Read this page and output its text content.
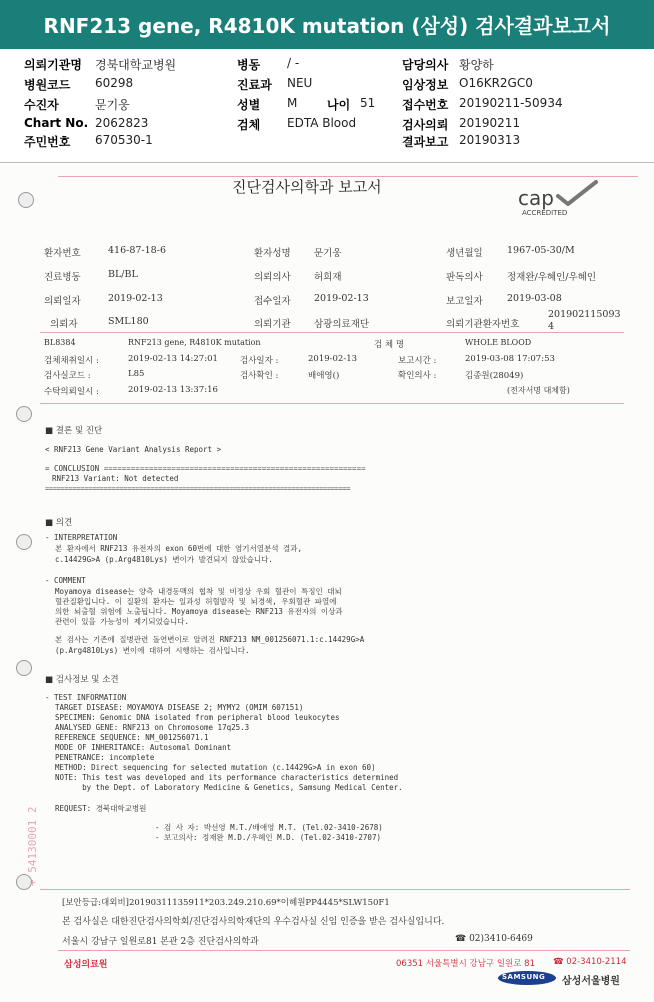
RNF213 gene, R4810K mutation (삼성) 검사결과보고서
의뢰기관명 경북대학교병원
병원코드 60298
수진자	문기웅
Chart No. 2062823
주민번호 670530-1
병동 / -
진료과 NEU
성별 M 나이 51
검체 EDTA Blood
담당의사 황양하
임상정보 O16KR2GC0
접수번호 20190211-50934
검사의뢰 20190211
결과보고 20190313
진단검사의학과 보고서	cap
ACCREDITED
환자번호	416-87-18-6	환자성명 문기웅	생년월일	1967-05-30/M
진료병동	BL/BL	의뢰의사 허희재	판독의사	정재완/우혜인/우혜인
의뢰일자	2019-02-13	접수일자 2019-02-13	보고일자	2019-03-08
의뢰자	SML180	의뢰기관 삼광의료재단	의뢰기관환자번호
201902115093
4
BL8384	RNF213 gene, R4810K mutation	검 체 명	WHOLE BLOOD
검체채취일시 :	2019-02-13 14:27:01	검사일자 :	2019-02-13	보고시간 :	2019-03-08 17:07:53
검사실코드 :	L85	검사확인 :	배애영()	확인의사 :	김종원(28049)
수탁의뢰일시 :	2019-02-13 13:37:16	(전자서명 대체함)
■ 결론 및 진단
< RNF213 Gene Variant Analysis Report >
= CONCLUSION ==========================================================
RNF213 Variant: Not detected
==============================================================================
■ 의견
- INTERPRETATION
본 환자에서 RNF213 유전자의 exon 60번에 대한 염기서열분석 결과,
c.14429G>A (p.Arg4810Lys) 변이가 발견되지 않았습니다.
- COMMENT
Moyamoya disease는 양측 내경동맥의 협착 및 비정상 우회 혈관이 특징인 대뇌
혈관질환입니다. 이 질환의 환자는 일과성 허혈발작 및 뇌경색, 우회혈관 파열에
의한 뇌출혈 위험에 노출됩니다. Moyamoya disease는 RNF213 유전자의 이상과
관련이 있을 가능성이 제기되었습니다.
본 검사는 기존에 질병관련 돌연변이로 알려진 RNF213 NM_001256071.1:c.14429G>A
(p.Arg4810Lys) 변이에 대하여 시행하는 검사입니다.
■ 검사정보 및 소견
- TEST INFORMATION
TARGET DISEASE: MOYAMOYA DISEASE 2; MYMY2 (OMIM 607151)
SPECIMEN: Genomic DNA isolated from peripheral blood leukocytes
ANALYSED GENE: RNF213 on Chromosome 17q25.3
REFERENCE SEQUENCE: NM_001256071.1
MODE OF INHERITANCE: Autosomal Dominant
PENETRANCE: incomplete
METHOD: Direct sequencing for selected mutation (c.14429G>A in exon 60)
NOTE: This test was developed and its performance characteristics determined
by the Dept. of Laboratory Medicine & Genetics, Samsung Medical Center.
REQUEST: 경북대학교병원
- 검 사 자: 박선영 M.T./배애영 M.T. (Tel.02-3410-2678)
- 보고의사: 정재완 M.D./우혜인 M.D. (Tel.02-3410-2707)
+ 54130001 2
[보안등급:대외비]20190311135911*203.249.210.69*이혜원PP4445*SLW150F1
본 검사실은 대한진단검사의학회/진단검사의학재단의 우수검사실 신임 인증을 받은 검사실입니다.
서울시 강남구 일원로81 본관 2층 진단검사의학과	☎ 02)3410-6469
삼성의료원	06351 서울특별시 강남구 일원로 81 ☎ 02-3410-2114
SAMSUNG 삼성서울병원
